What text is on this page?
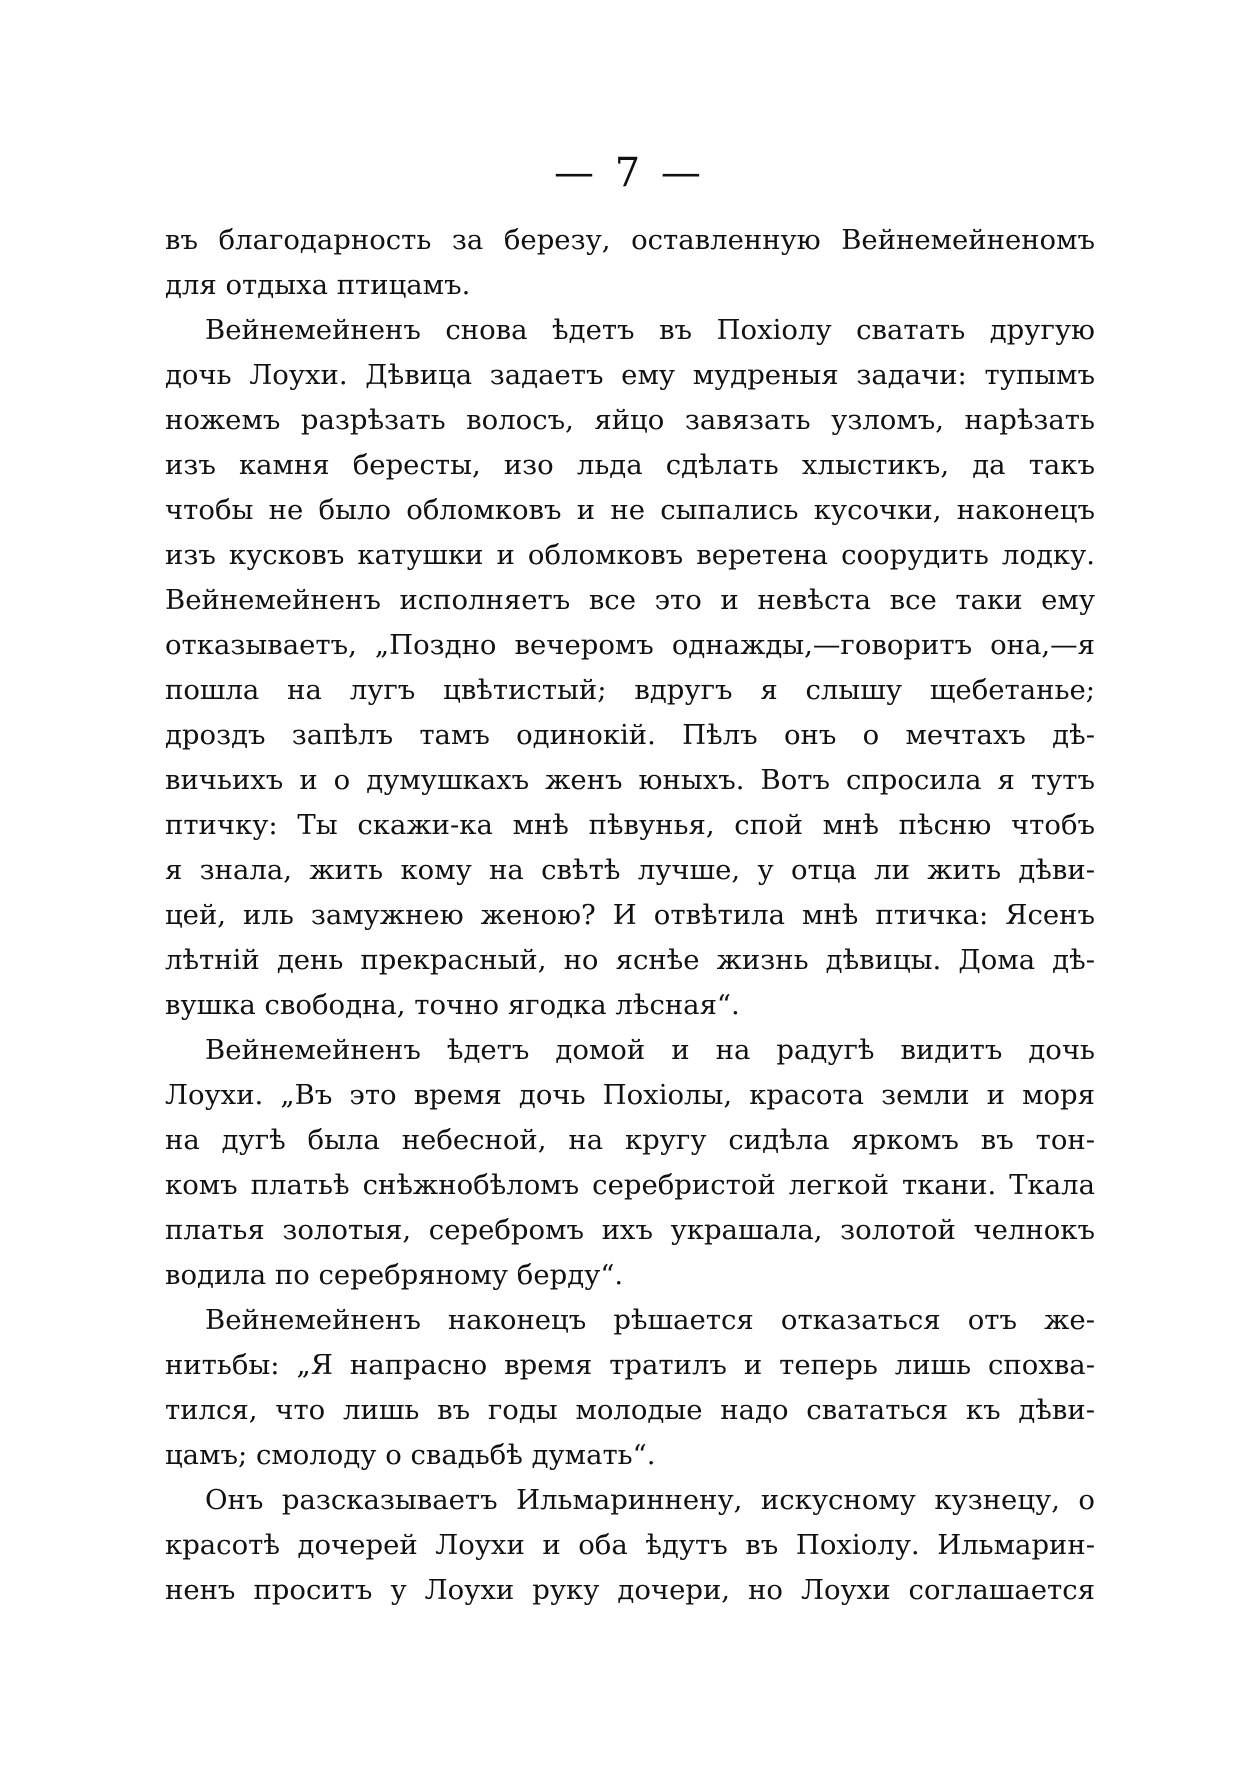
— 7 —
въ благодарность за березу, оставленную Вейнемейненомъ
для отдыха птицамъ.
Вейнемейненъ снова ѣдетъ въ Похіолу сватать другую
дочь Лоухи. Дѣвица задаетъ ему мудреныя задачи: тупымъ
ножемъ разрѣзать волосъ, яйцо завязать узломъ, нарѣзать
изъ камня бересты, изо льда сдѣлать хлыстикъ, да такъ
чтобы не было обломковъ и не сыпались кусочки, наконецъ
изъ кусковъ катушки и обломковъ веретена соорудить лодку.
Вейнемейненъ исполняетъ все это и невѣста все таки ему
отказываетъ, „Поздно вечеромъ однажды,—говоритъ она,—я
пошла на лугъ цвѣтистый; вдругъ я слышу щебетанье;
дроздъ запѣлъ тамъ одинокій. Пѣлъ онъ о мечтахъ дѣ-
вичьихъ и о думушкахъ женъ юныхъ. Вотъ спросила я тутъ
птичку: Ты скажи-ка мнѣ пѣвунья, спой мнѣ пѣсню чтобъ
я знала, жить кому на свѣтѣ лучше, у отца ли жить дѣви-
цей, иль замужнею женою? И отвѣтила мнѣ птичка: Ясенъ
лѣтній день прекрасный, но яснѣе жизнь дѣвицы. Дома дѣ-
вушка свободна, точно ягодка лѣсная“.
Вейнемейненъ ѣдетъ домой и на радугѣ видитъ дочь
Лоухи. „Въ это время дочь Похіолы, красота земли и моря
на дугѣ была небесной, на кругу сидѣла яркомъ въ тон-
комъ платьѣ снѣжнобѣломъ серебристой легкой ткани. Ткала
платья золотыя, серебромъ ихъ украшала, золотой челнокъ
водила по серебряному берду“.
Вейнемейненъ наконецъ рѣшается отказаться отъ же-
нитьбы: „Я напрасно время тратилъ и теперь лишь спохва-
тился, что лишь въ годы молодые надо свататься къ дѣви-
цамъ; смолоду о свадьбѣ думать“.
Онъ разсказываетъ Ильмариннену, искусному кузнецу, о
красотѣ дочерей Лоухи и оба ѣдутъ въ Похіолу. Ильмарин-
ненъ проситъ у Лоухи руку дочери, но Лоухи соглашается
